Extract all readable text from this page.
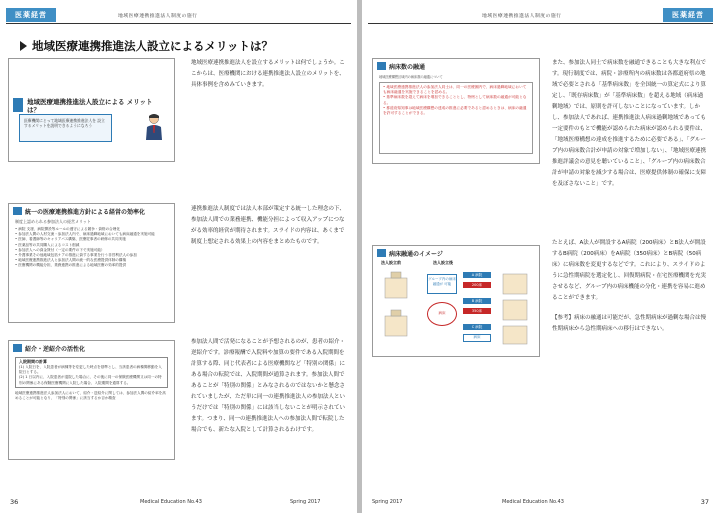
医薬経営	地域医療連携推進法人制度の施行
地域医療連携推進法人設立によるメリットは？
地域医療連携推進法人設立による メリットは？
医療機関にとって地域医療連携推進法人を 設立するメリットを説明できるようになろう
統一の医療連携推進方針による経営の効率化
制度上認められる参加法人の経営メリット
• 病院 支援、病院開設等ルールの遵守による競争・資格の合理化
• 参加法人間の人材交流・参加法人内で、病床過剰地域においても病床融通を実施可能
• 医師、看護師等のキャリアパス構築、医療従事者の研修の共同実施
• 医薬品等の共同購入によるコスト削減
• 参加法人への資金貸付（一定の要件の下で実施可能）
• 介護事業その他地域包括ケアの推進に資する事業を行う非営利法人の参加
• 地域医療連携推進法人と参加法人間の統一的な医療提供体制の構築
• 医療機関の機能分担、業務連携の推進による地域医療の効率的提供
紹介・逆紹介の活性化
入院期間の計算
(1) 入院日を、入院患者が病棟等を変更した時点を基準とし、当該患者の病棟間移動を入院日とする。
(2) 1 日以内に、入院患者が退院した場合に、その後に同一の保険医療機関又は同一の特別の関係にある保険医療機関に入院した場合、入院期間を通算する。
地域医療連携推進法人参加法人において、紹介・逆紹介に関しては、参加法人間の紹介率を高めることが可能となり、「特別の関係」に該当するか否か精査
地域医療連携推進法人を設立するメリットは何でしょうか。ここからは、医療機関における連携推進法人設立のメリットを、具体事例を含めみていきます。
連携推進法人制度では法人本部が策定する統一した理念の下、参加法人間での業務連携、機能分担によって収入アップにつながる効率的経営が期待されます。スライドの内容は、あくまで制度上想定される効果上の内容をまとめたものです。
参加法人間で活発になることが予想されるのが、患者の紹介・逆紹介です。診療報酬で入院料や加算の要件である入院期間を計算する際、同じ代表者による医療機関など「特別の関係」にある場合の転院では、入院期間が通算されます。参加法人間であることが「特別の関係」とみなされるのではないかと懸念されていましたが、ただ単に同一の連携推進法人の参加法人というだけでは「特別の関係」には該当しないことが明示されています。つまり、同一の連携推進法人への参加法人間で転院した場合でも、新たな入院として計算されるわけです。
36	Medical Education No.43	Spring 2017
医薬経営
地域医療連携推進法人制度の施行
病床数の融通
地域医療構想区域内の病床数の融通について
• 地域医療連携推進法人の参加法人同士は、同一の医療圏内で、病床過剰地域においても病床融通を実施できることを認める。
• 基準病床数を超えて病床を増加できることとし、特例として病床数の融通が可能となる。
• 都道府県知事は地域医療構想の達成の推進に必要であると認めるときは、病床の融通を許可することができる。
病床融通のイメージ
法人設立前	法人設立後
グループ内の病床融通が 可能
病床
A 病院
200床
B 病院
350床
C 病院
病床
また、参加法人同士で病床数を融通できることも大きな利点です。現行制度では、病院・診療所内の病床数は各都道府県の地域で必要とされる「基準病床数」を全国統一の算定式により算定し、「既存病床数」が「基準病床数」を超える地域（病床過剰地域）では、原則を許可しないことになっています。しかし、参加法人であれば、連携推進法人病床過剰地域であっても一定要件のもとで機能が認められた病床が認められる要件は、「地域医療構想の達成を推進するために必要である」、「グループ内の病床数合計が申請の対象で増加しない」、「地域医療連携推進評議会の意見を聴いていること」、「グループ内の病床数合計が申請の対象を減少する場合は、医療提供体制の確保に支障を及ぼさないこと」です。
たとえば、A法人が開設するA病院（200病床）とB法人が開設するB病院（200病床）をA病院（350病床）とB病院（50病床）に病床数を変更するなどです。これにより、スライドのように急性期病院を選定化し、回復期病院・在宅医療機関を充実させるなど、グループ内の病床機能の分化・連携を容易に進めることができます。
【参考】病床の融通は可能だが、急性期病床が過剰な場合は慢性期病床から急性期病床への移行はできない。
Spring 2017	Medical Education No.43	37
